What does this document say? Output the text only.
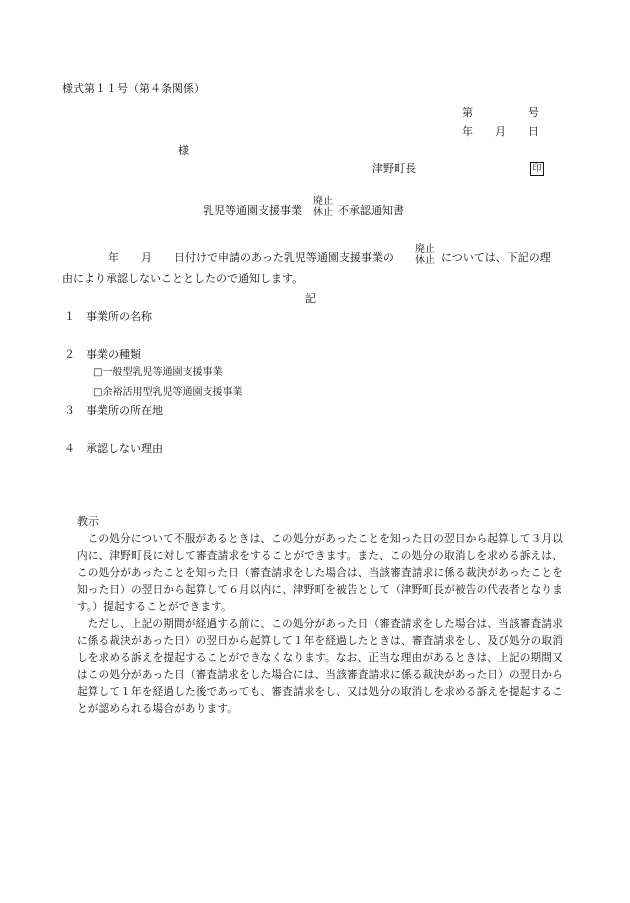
様式第１１号（第４条関係）
第　　　　　号
年　　月　　日
様
津野町長	印
乳児等通園支援事業
廃止
休止 不承認通知書
年　　月　　日付けで申請のあった乳児等通園支援事業の
廃止
休止 については、下記の理
由により承認しないこととしたので通知します。
記
１ 事業所の名称
２ 事業の種類
□一般型乳児等通園支援事業
□余裕活用型乳児等通園支援事業
３ 事業所の所在地
４ 承認しない理由
教示

この処分について不服があるときは、この処分があったことを知った日の翌日から起算して３月以内に、津野町長に対して審査請求をすることができます。また、この処分の取消しを求める訴えは、この処分があったことを知った日（審査請求をした場合は、当該審査請求に係る裁決があったことを知った日）の翌日から起算して６月以内に、津野町を被告として（津野町長が被告の代表者となります。）提起することができます。

ただし、上記の期間が経過する前に、この処分があった日（審査請求をした場合は、当該審査請求に係る裁決があった日）の翌日から起算して１年を経過したときは、審査請求をし、及び処分の取消しを求める訴えを提起することができなくなります。なお、正当な理由があるときは、上記の期間又はこの処分があった日（審査請求をした場合には、当該審査請求に係る裁決があった日）の翌日から起算して１年を経過した後であっても、審査請求をし、又は処分の取消しを求める訴えを提起することが認められる場合があります。
